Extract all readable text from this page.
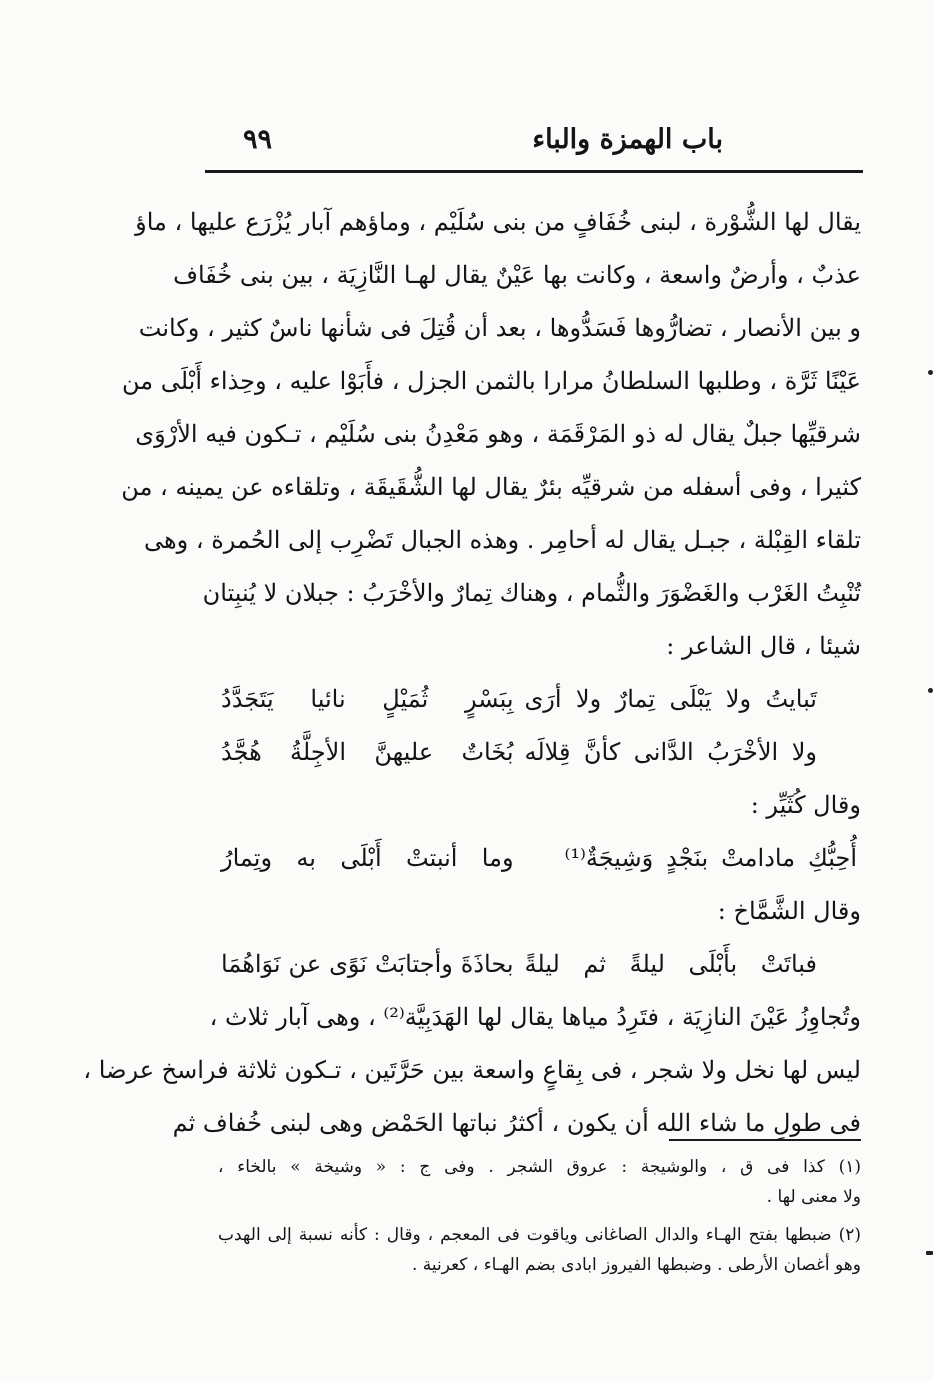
باب الهمزة والباء
٩٩
يقال لها الشُّوْرة ، لبنى خُفَافٍ من بنى سُلَيْم ، وماؤهم آبار يُزْرَع عليها ، ماؤ
عذبٌ ، وأرضٌ واسعة ، وكانت بها عَيْنٌ يقال لهـا النَّازِيَة ، بين بنى خُفَاف
و بين الأنصار ، تضارُّوها فَسَدُّوها ، بعد أن قُتِلَ فى شأنها ناسٌ كثير ، وكانت
عَيْنًا ثَرَّة ، وطلبها السلطانُ مرارا بالثمن الجزل ، فأَبَوْا عليه ، وحِذاء أَبْلَى من
شرقيِّها جبلٌ يقال له ذو المَرْقَمَة ، وهو مَعْدِنُ بنى سُلَيْم ، تـكون فيه الأرْوَى
كثيرا ، وفى أسفله من شرقيِّه بئرٌ يقال لها الشُّقَيقَة ، وتلقاءه عن يمينه ، من
تلقاء القِبْلة ، جبـل يقال له أحامِر . وهذه الجبال تَضْرِب إلى الحُمرة ، وهى
تُنْبِتُ الغَرْب والغَضْوَرَ والثُّمام ، وهناك تِمارٌ والأخْرَبُ : جبلان لا يُنبِتان
شيئا ، قال الشاعر :
تَبايتُ ولا يَبْلَى تِمارٌ ولا أرَى
بِبَسْرٍ ثُمَيْلٍ نائيا يَتَجَدَّدُ
ولا الأخْرَبُ الدَّانى كأنَّ قِلالَه
بُخَاتٌ عليهنَّ الأجِلَّةُ هُجَّدُ
وقال كُثَيِّر :
أُحِبُّكِ مادامتْ بنَجْدٍ وَشِيجَةٌ⁽¹⁾
وما أنبتتْ أَبْلَى به وتِمارُ
وقال الشَّمَّاخ :
فباتَتْ بأَبْلَى ليلةً ثم ليلةً
بحاذَةَ وأجتابَتْ نَوًى عن نَوَاهُمَا
وتُجاوِزُ عَيْنَ النازِيَة ، فتَرِدُ مياها يقال لها الهَدَبِيَّة⁽²⁾ ، وهى آبار ثلاث ،
ليس لها نخل ولا شجر ، فى بِقاعٍ واسعة بين حَرَّتَين ، تـكون ثلاثة فراسخ عرضا ،
فى طولِ ما شاء الله أن يكون ، أكثرُ نباتها الحَمْض وهى لبنى خُفاف ثم
(١) كذا فى ق ، والوشيجة : عروق الشجر . وفى ج : « وشيخة » بالخاء ،
ولا معنى لها .
(٢) ضبطها بفتح الهـاء والدال الصاغانى وياقوت فى المعجم ، وقال : كأنه نسبة إلى الهدب
وهو أغصان الأرطى . وضبطها الفيروز ابادى بضم الهـاء ، كعرنية .
